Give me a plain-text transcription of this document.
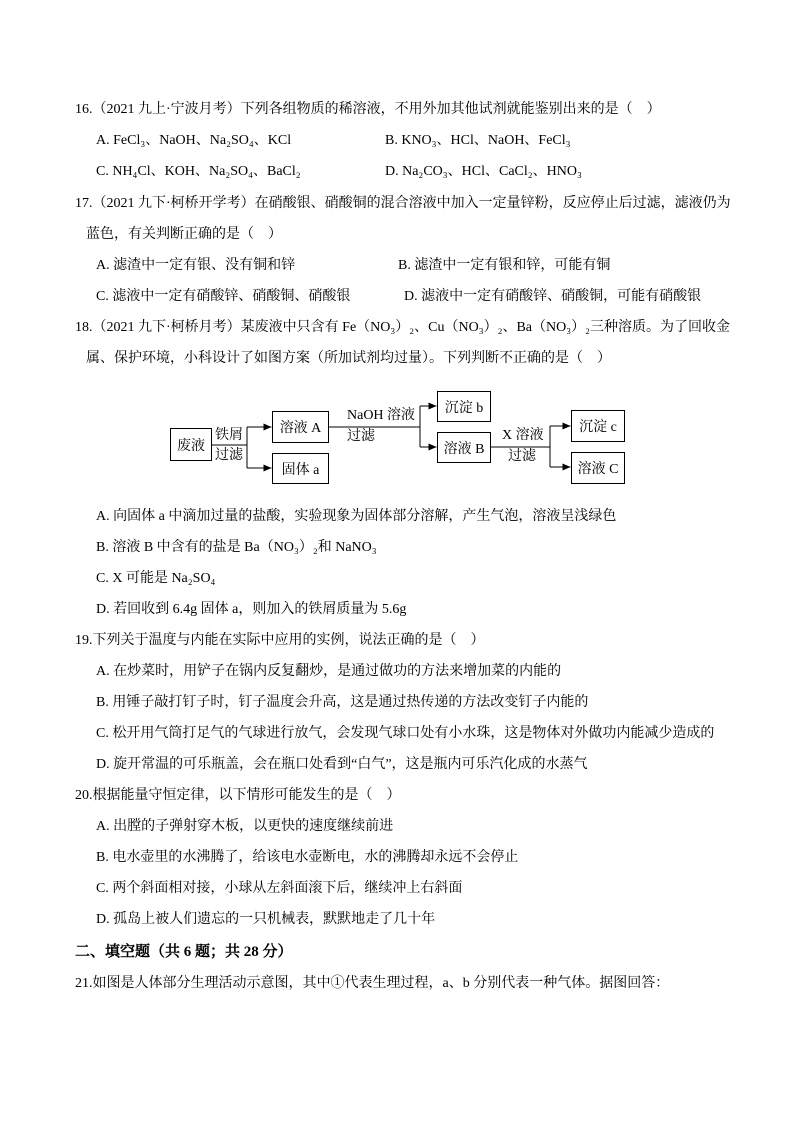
16.（2021 九上·宁波月考）下列各组物质的稀溶液，不用外加其他试剂就能鉴别出来的是（　）
A. FeCl₃、NaOH、Na₂SO₄、KCl	B. KNO₃、HCl、NaOH、FeCl₃
C. NH₄Cl、KOH、Na₂SO₄、BaCl₂	D. Na₂CO₃、HCl、CaCl₂、HNO₃
17.（2021 九下·柯桥开学考）在硝酸银、硝酸铜的混合溶液中加入一定量锌粉，反应停止后过滤，滤液仍为
蓝色，有关判断正确的是（　）
A. 滤渣中一定有银、没有铜和锌	B. 滤渣中一定有银和锌，可能有铜
C. 滤液中一定有硝酸锌、硝酸铜、硝酸银	D. 滤液中一定有硝酸锌、硝酸铜，可能有硝酸银
18.（2021 九下·柯桥月考）某废液中只含有 Fe（NO₃）₂、Cu（NO₃）₂、Ba（NO₃）₂三种溶质。为了回收金
属、保护环境，小科设计了如图方案（所加试剂均过量）。下列判断不正确的是（　）
废液
铁屑
过滤
溶液 A
固体 a
NaOH 溶液
过滤
沉淀 b
溶液 B
X 溶液
过滤
沉淀 c
溶液 C
A. 向固体 a 中滴加过量的盐酸，实验现象为固体部分溶解，产生气泡，溶液呈浅绿色
B. 溶液 B 中含有的盐是 Ba（NO₃）₂和 NaNO₃
C. X 可能是 Na₂SO₄
D. 若回收到 6.4g 固体 a，则加入的铁屑质量为 5.6g
19.下列关于温度与内能在实际中应用的实例，说法正确的是（　）
A. 在炒菜时，用铲子在锅内反复翻炒，是通过做功的方法来增加菜的内能的
B. 用锤子敲打钉子时，钉子温度会升高，这是通过热传递的方法改变钉子内能的
C. 松开用气筒打足气的气球进行放气，会发现气球口处有小水珠，这是物体对外做功内能减少造成的
D. 旋开常温的可乐瓶盖，会在瓶口处看到“白气”，这是瓶内可乐汽化成的水蒸气
20.根据能量守恒定律，以下情形可能发生的是（　）
A. 出膛的子弹射穿木板，以更快的速度继续前进
B. 电水壶里的水沸腾了，给该电水壶断电，水的沸腾却永远不会停止
C. 两个斜面相对接，小球从左斜面滚下后，继续冲上右斜面
D. 孤岛上被人们遗忘的一只机械表，默默地走了几十年
二、填空题（共 6 题；共 28 分）
21.如图是人体部分生理活动示意图，其中①代表生理过程，a、b 分别代表一种气体。据图回答：
